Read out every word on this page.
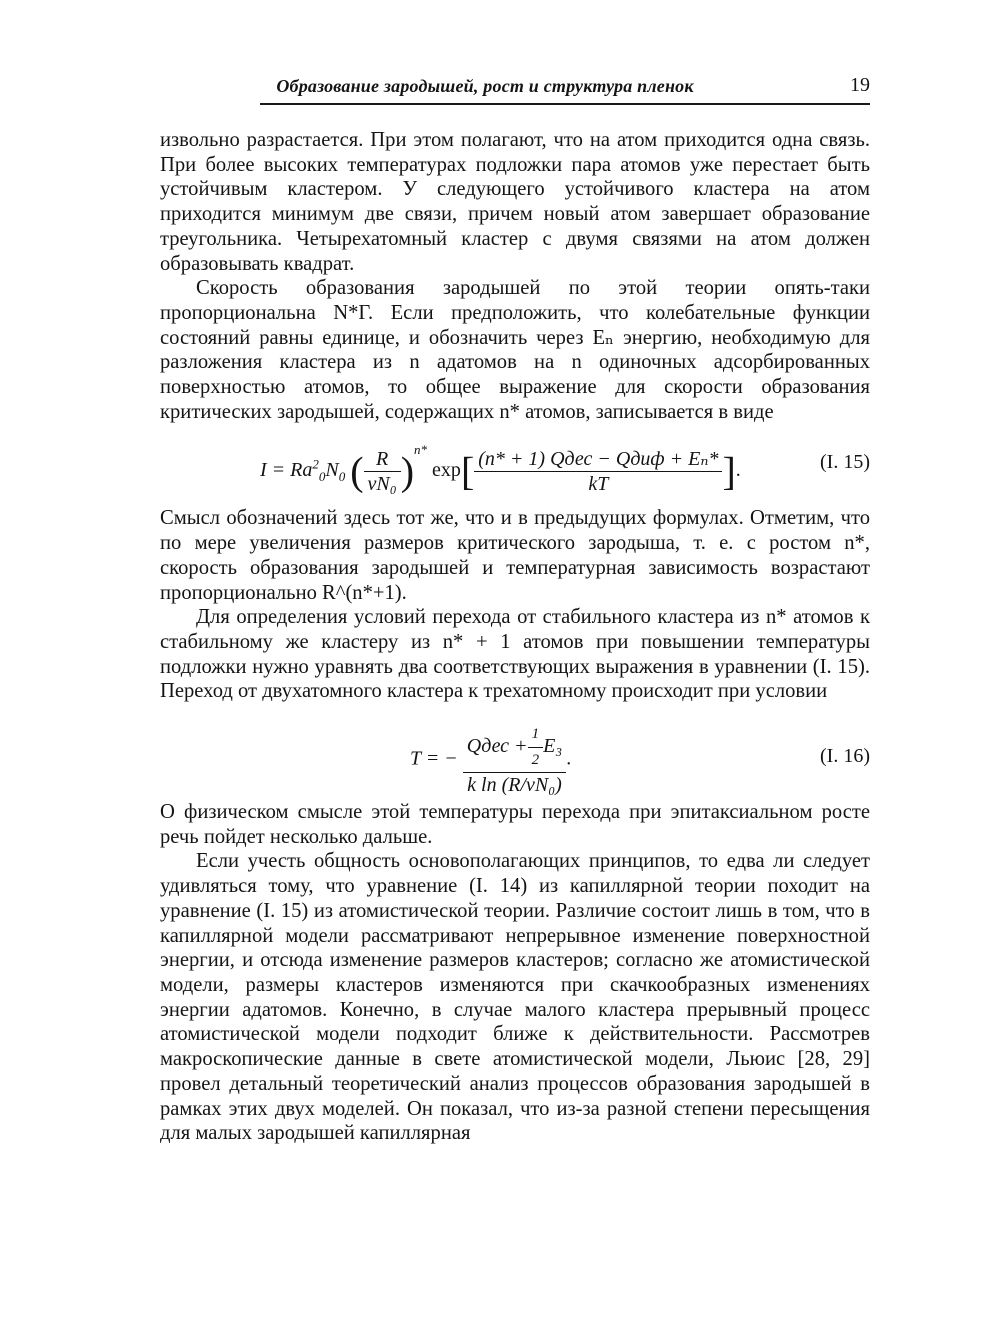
Образование зародышей, рост и структура пленок	19

извольно разрастается. При этом полагают, что на атом приходится одна связь. При более высоких температурах подложки пара атомов уже перестает быть устойчивым кластером. У следующего устойчивого кластера на атом приходится минимум две связи, причем новый атом завершает образование треугольника. Четырехатомный кластер с двумя связями на атом должен образовывать квадрат.

Скорость образования зародышей по этой теории опять-таки пропорциональна N*Г. Если предположить, что колебательные функции состояний равны единице, и обозначить через Eₙ энергию, необходимую для разложения кластера из n адатомов на n одиночных адсорбированных поверхностью атомов, то общее выражение для скорости образования критических зародышей, содержащих n* атомов, записывается в виде

$I = Ra^2_0N_0$ ( $\frac{R}{\text{νN₀}} )^{n*}$ $\exp[ \frac{\text{(n* + 1) Qдес − Qдиф + Eₙ*}}{kT}$ ].	(I. 15)

Смысл обозначений здесь тот же, что и в предыдущих формулах. Отметим, что по мере увеличения размеров критического зародыша, т. е. с ростом n*, скорость образования зародышей и температурная зависимость возрастают пропорционально R^(n*+1).

Для определения условий перехода от стабильного кластера из n* атомов к стабильному же кластеру из n* + 1 атомов при повышении температуры подложки нужно уравнять два соответствующих выражения в уравнении (I. 15). Переход от двухатомного кластера к трехатомному происходит при условии

T = − $\frac{Qдес + \frac{1}{2} E_3}{\text{k ln (R/νN₀)}}$ .	(I. 16)

О физическом смысле этой температуры перехода при эпитаксиальном росте речь пойдет несколько дальше.

Если учесть общность основополагающих принципов, то едва ли следует удивляться тому, что уравнение (I. 14) из капиллярной теории походит на уравнение (I. 15) из атомистической теории. Различие состоит лишь в том, что в капиллярной модели рассматривают непрерывное изменение поверхностной энергии, и отсюда изменение размеров кластеров; согласно же атомистической модели, размеры кластеров изменяются при скачкообразных изменениях энергии адатомов. Конечно, в случае малого кластера прерывный процесс атомистической модели подходит ближе к действительности. Рассмотрев макроскопические данные в свете атомистической модели, Льюис [28, 29] провел детальный теоретический анализ процессов образования зародышей в рамках этих двух моделей. Он показал, что из-за разной степени пересыщения для малых зародышей капиллярная
